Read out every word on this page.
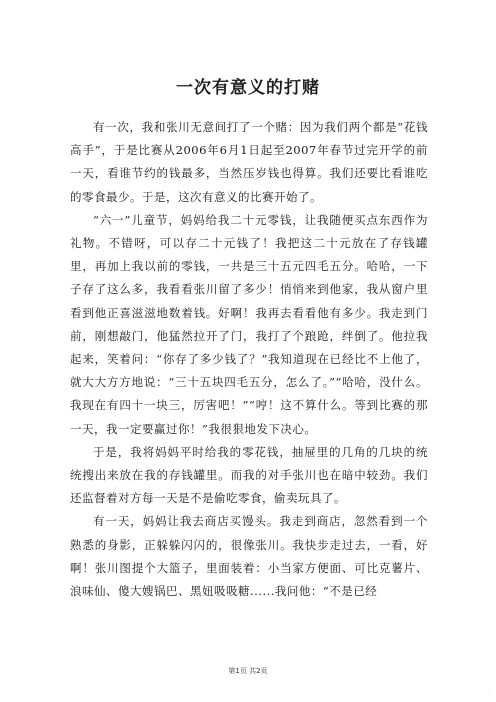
一次有意义的打赌

有一次，我和张川无意间打了一个赌：因为我们两个都是“花钱高手”，于是比赛从2006年6月1日起至2007年春节过完开学的前一天，看谁节约的钱最多，当然压岁钱也得算。我们还要比看谁吃的零食最少。于是，这次有意义的比赛开始了。

“六一”儿童节，妈妈给我二十元零钱，让我随便买点东西作为礼物。不错呀，可以存二十元钱了！我把这二十元放在了存钱罐里，再加上我以前的零钱，一共是三十五元四毛五分。哈哈，一下子存了这么多，我看看张川留了多少！悄悄来到他家，我从窗户里看到他正喜滋滋地数着钱。好啊！我再去看看他有多少。我走到门前，刚想敲门，他猛然拉开了门，我打了个踉跄，绊倒了。他拉我起来，笑着问：“你存了多少钱了？”我知道现在已经比不上他了，就大大方方地说：“三十五块四毛五分，怎么了。”“哈哈，没什么。我现在有四十一块三，厉害吧！”“哼！这不算什么。等到比赛的那一天，我一定要赢过你！”我很狠地发下决心。

于是，我将妈妈平时给我的零花钱，抽屉里的几角的几块的统统搜出来放在我的存钱罐里。而我的对手张川也在暗中较劲。我们还监督着对方每一天是不是偷吃零食，偷卖玩具了。

有一天，妈妈让我去商店买馒头。我走到商店，忽然看到一个熟悉的身影，正躲躲闪闪的，很像张川。我快步走过去，一看，好啊！张川图提个大篮子，里面装着：小当家方便面、可比克薯片、浪味仙、傻大嫂锅巴、黑妞吸吸糖......我问他：“不是已经

第1页 共2页
·
